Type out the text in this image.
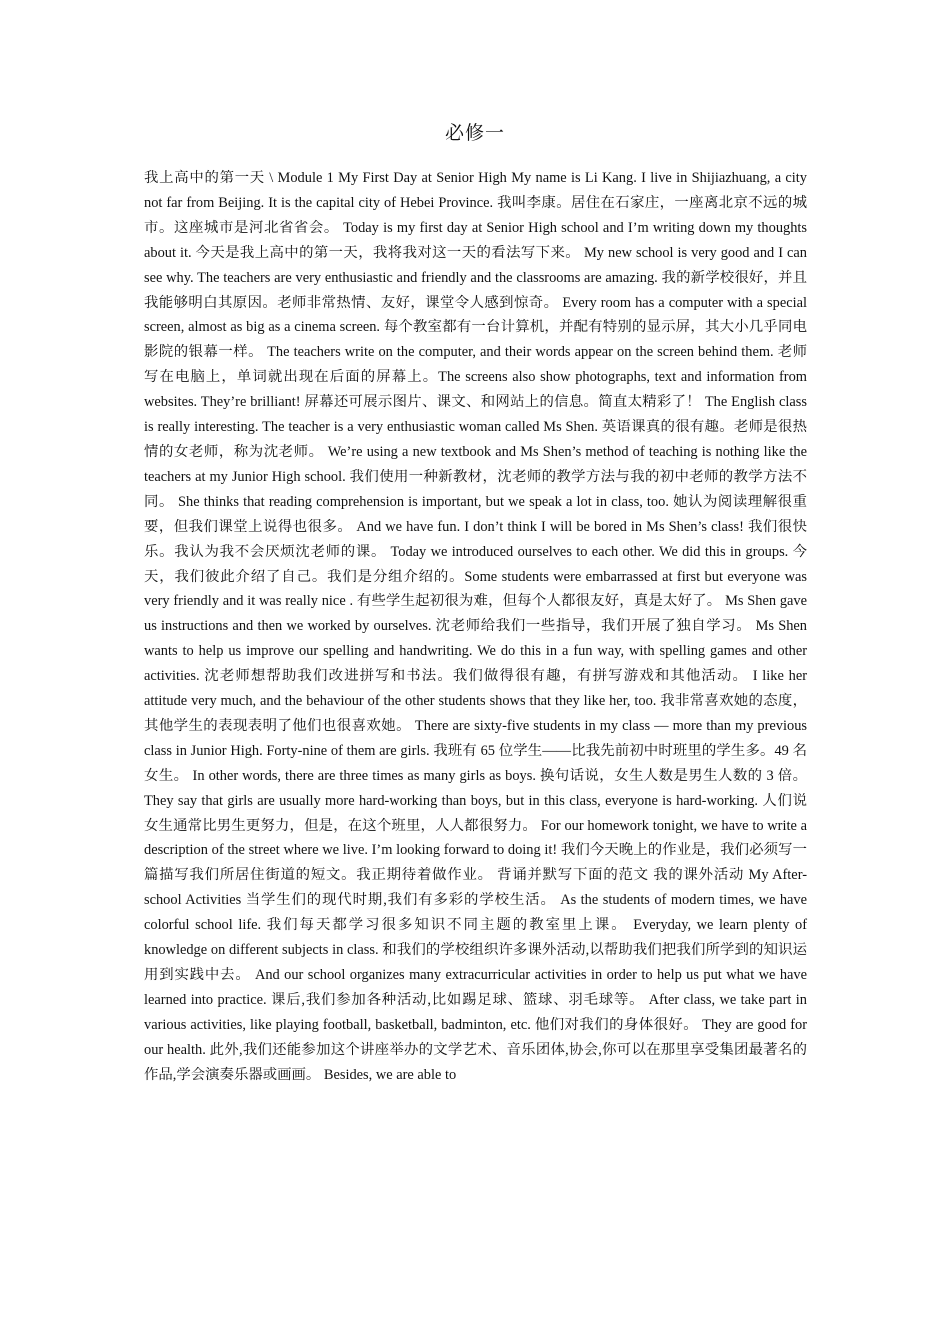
必修一
我上高中的第一天 \ Module 1 My First Day at Senior High My name is Li Kang. I live in Shijiazhuang, a city not far from Beijing. It is the capital city of Hebei Province. 我叫李康。居住在石家庄，一座离北京不远的城市。这座城市是河北省省会。 Today is my first day at Senior High school and I’m writing down my thoughts about it. 今天是我上高中的第一天，我将我对这一天的看法写下来。 My new school is very good and I can see why. The teachers are very enthusiastic and friendly and the classrooms are amazing. 我的新学校很好，并且我能够明白其原因。老师非常热情、友好，课堂令人感到惊奇。 Every room has a computer with a special screen, almost as big as a cinema screen. 每个教室都有一台计算机，并配有特别的显示屏，其大小几乎同电影院的银幕一样。 The teachers write on the computer, and their words appear on the screen behind them. 老师写在电脑上，单词就出现在后面的屏幕上。The screens also show photographs, text and information from websites. They’re brilliant! 屏幕还可展示图片、课文、和网站上的信息。简直太精彩了！ The English class is really interesting. The teacher is a very enthusiastic woman called Ms Shen. 英语课真的很有趣。老师是很热情的女老师，称为沈老师。 We’re using a new textbook and Ms Shen’s method of teaching is nothing like the teachers at my Junior High school. 我们使用一种新教材，沈老师的教学方法与我的初中老师的教学方法不同。 She thinks that reading comprehension is important, but we speak a lot in class, too. 她认为阅读理解很重要，但我们课堂上说得也很多。 And we have fun. I don’t think I will be bored in Ms Shen’s class! 我们很快乐。我认为我不会厌烦沈老师的课。 Today we introduced ourselves to each other. We did this in groups. 今天，我们彼此介绍了自己。我们是分组介绍的。Some students were embarrassed at first but everyone was very friendly and it was really nice . 有些学生起初很为难，但每个人都很友好，真是太好了。 Ms Shen gave us instructions and then we worked by ourselves. 沈老师给我们一些指导，我们开展了独自学习。 Ms Shen wants to help us improve our spelling and handwriting. We do this in a fun way, with spelling games and other activities. 沈老师想帮助我们改进拼写和书法。我们做得很有趣，有拼写游戏和其他活动。 I like her attitude very much, and the behaviour of the other students shows that they like her, too. 我非常喜欢她的态度，其他学生的表现表明了他们也很喜欢她。 There are sixty-five students in my class — more than my previous class in Junior High. Forty-nine of them are girls. 我班有 65 位学生——比我先前初中时班里的学生多。49 名女生。 In other words, there are three times as many girls as boys. 换句话说，女生人数是男生人数的 3 倍。 They say that girls are usually more hard-working than boys, but in this class, everyone is hard-working. 人们说女生通常比男生更努力，但是，在这个班里，人人都很努力。 For our homework tonight, we have to write a description of the street where we live. I’m looking forward to doing it! 我们今天晚上的作业是，我们必须写一篇描写我们所居住街道的短文。我正期待着做作业。 背诵并默写下面的范文 我的课外活动 My After-school Activities 当学生们的现代时期,我们有多彩的学校生活。 As the students of modern times, we have colorful school life. 我们每天都学习很多知识不同主题的教室里上课。 Everyday, we learn plenty of knowledge on different subjects in class. 和我们的学校组织许多课外活动,以帮助我们把我们所学到的知识运用到实践中去。 And our school organizes many extracurricular activities in order to help us put what we have learned into practice. 课后,我们参加各种活动,比如踢足球、篮球、羽毛球等。 After class, we take part in various activities, like playing football, basketball, badminton, etc. 他们对我们的身体很好。 They are good for our health. 此外,我们还能参加这个讲座举办的文学艺术、音乐团体,协会,你可以在那里享受集团最著名的作品,学会演奏乐器或画画。 Besides, we are able to
